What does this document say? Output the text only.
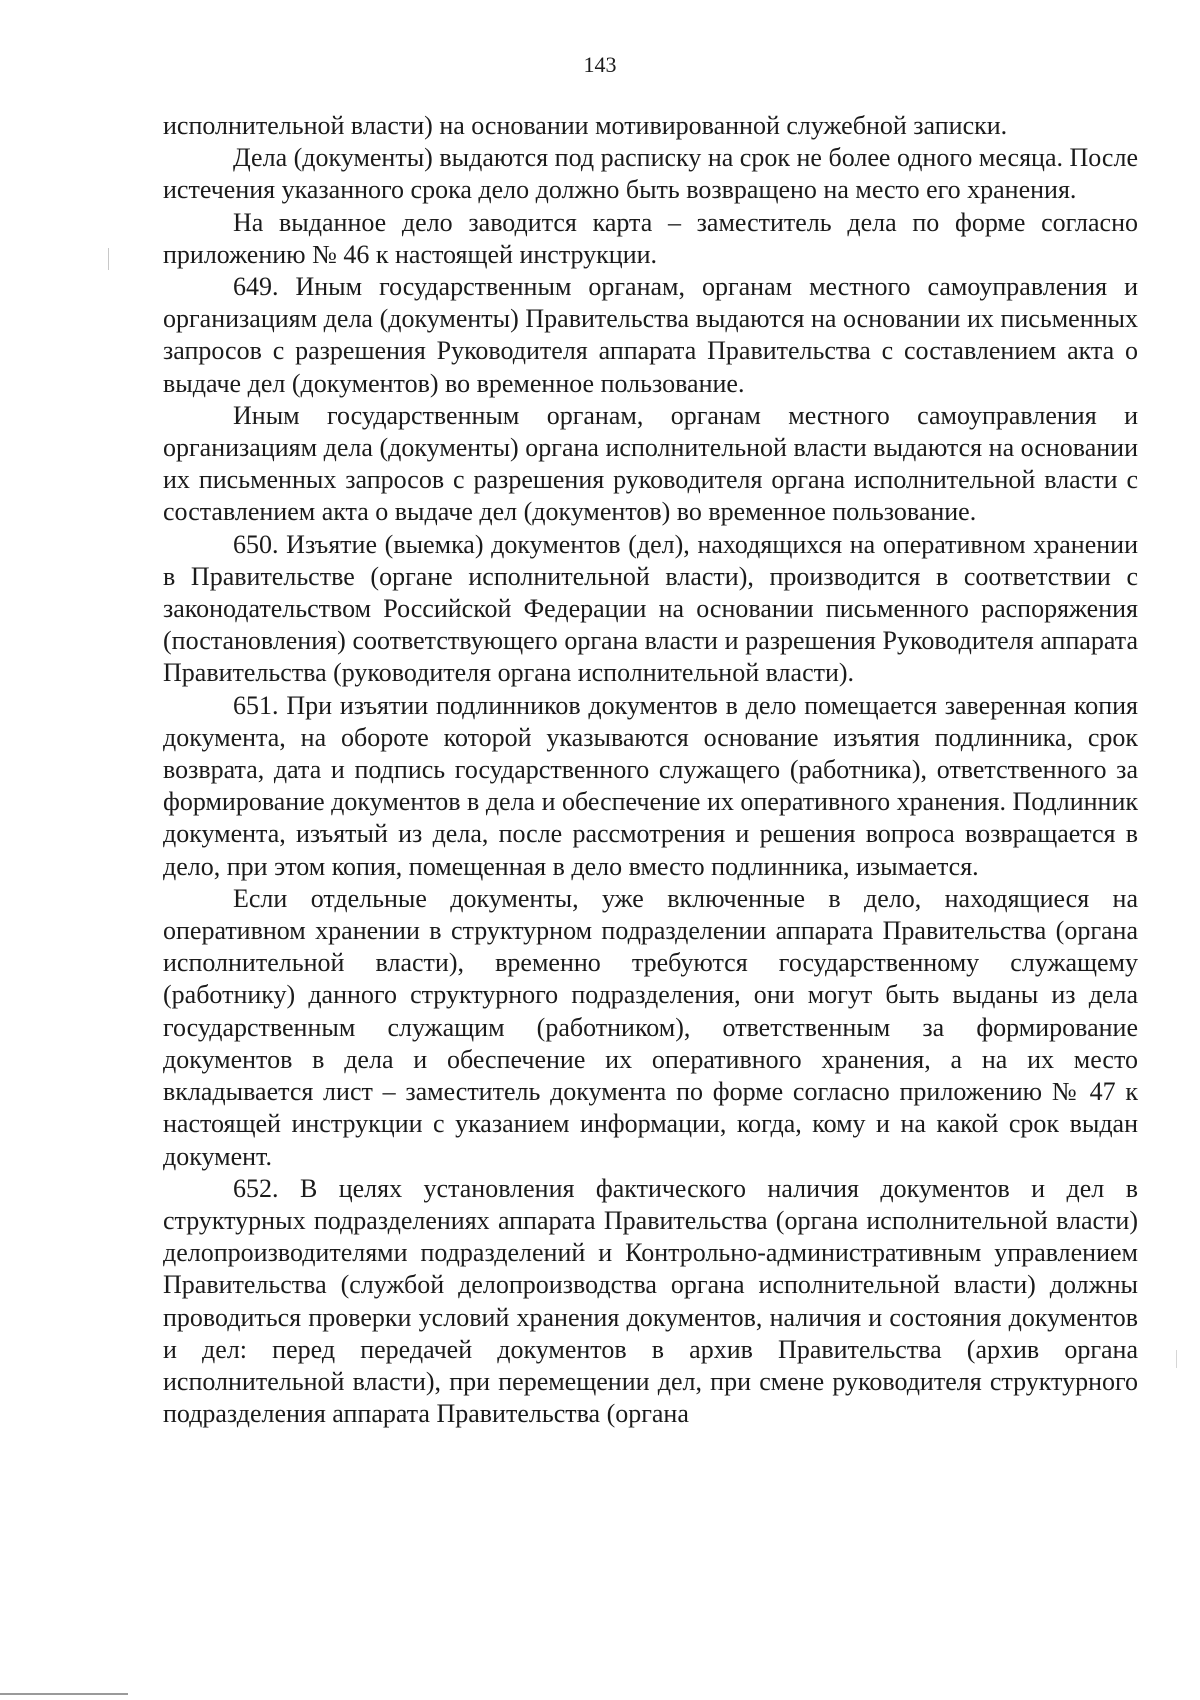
143

исполнительной власти) на основании мотивированной служебной записки.

Дела (документы) выдаются под расписку на срок не более одного месяца. После истечения указанного срока дело должно быть возвращено на место его хранения.

На выданное дело заводится карта – заместитель дела по форме согласно приложению № 46 к настоящей инструкции.

649. Иным государственным органам, органам местного самоуправления и организациям дела (документы) Правительства выдаются на основании их письменных запросов с разрешения Руководителя аппарата Правительства с составлением акта о выдаче дел (документов) во временное пользование.

Иным государственным органам, органам местного самоуправления и организациям дела (документы) органа исполнительной власти выдаются на основании их письменных запросов с разрешения руководителя органа исполнительной власти с составлением акта о выдаче дел (документов) во временное пользование.

650. Изъятие (выемка) документов (дел), находящихся на оперативном хранении в Правительстве (органе исполнительной власти), производится в соответствии с законодательством Российской Федерации на основании письменного распоряжения (постановления) соответствующего органа власти и разрешения Руководителя аппарата Правительства (руководителя органа исполнительной власти).

651. При изъятии подлинников документов в дело помещается заверенная копия документа, на обороте которой указываются основание изъятия подлинника, срок возврата, дата и подпись государственного служащего (работника), ответственного за формирование документов в дела и обеспечение их оперативного хранения. Подлинник документа, изъятый из дела, после рассмотрения и решения вопроса возвращается в дело, при этом копия, помещенная в дело вместо подлинника, изымается.

Если отдельные документы, уже включенные в дело, находящиеся на оперативном хранении в структурном подразделении аппарата Правительства (органа исполнительной власти), временно требуются государственному служащему (работнику) данного структурного подразделения, они могут быть выданы из дела государственным служащим (работником), ответственным за формирование документов в дела и обеспечение их оперативного хранения, а на их место вкладывается лист – заместитель документа по форме согласно приложению № 47 к настоящей инструкции с указанием информации, когда, кому и на какой срок выдан документ.

652. В целях установления фактического наличия документов и дел в структурных подразделениях аппарата Правительства (органа исполнительной власти) делопроизводителями подразделений и Контрольно-административным управлением Правительства (службой делопроизводства органа исполнительной власти) должны проводиться проверки условий хранения документов, наличия и состояния документов и дел: перед передачей документов в архив Правительства (архив органа исполнительной власти), при перемещении дел, при смене руководителя структурного подразделения аппарата Правительства (органа
